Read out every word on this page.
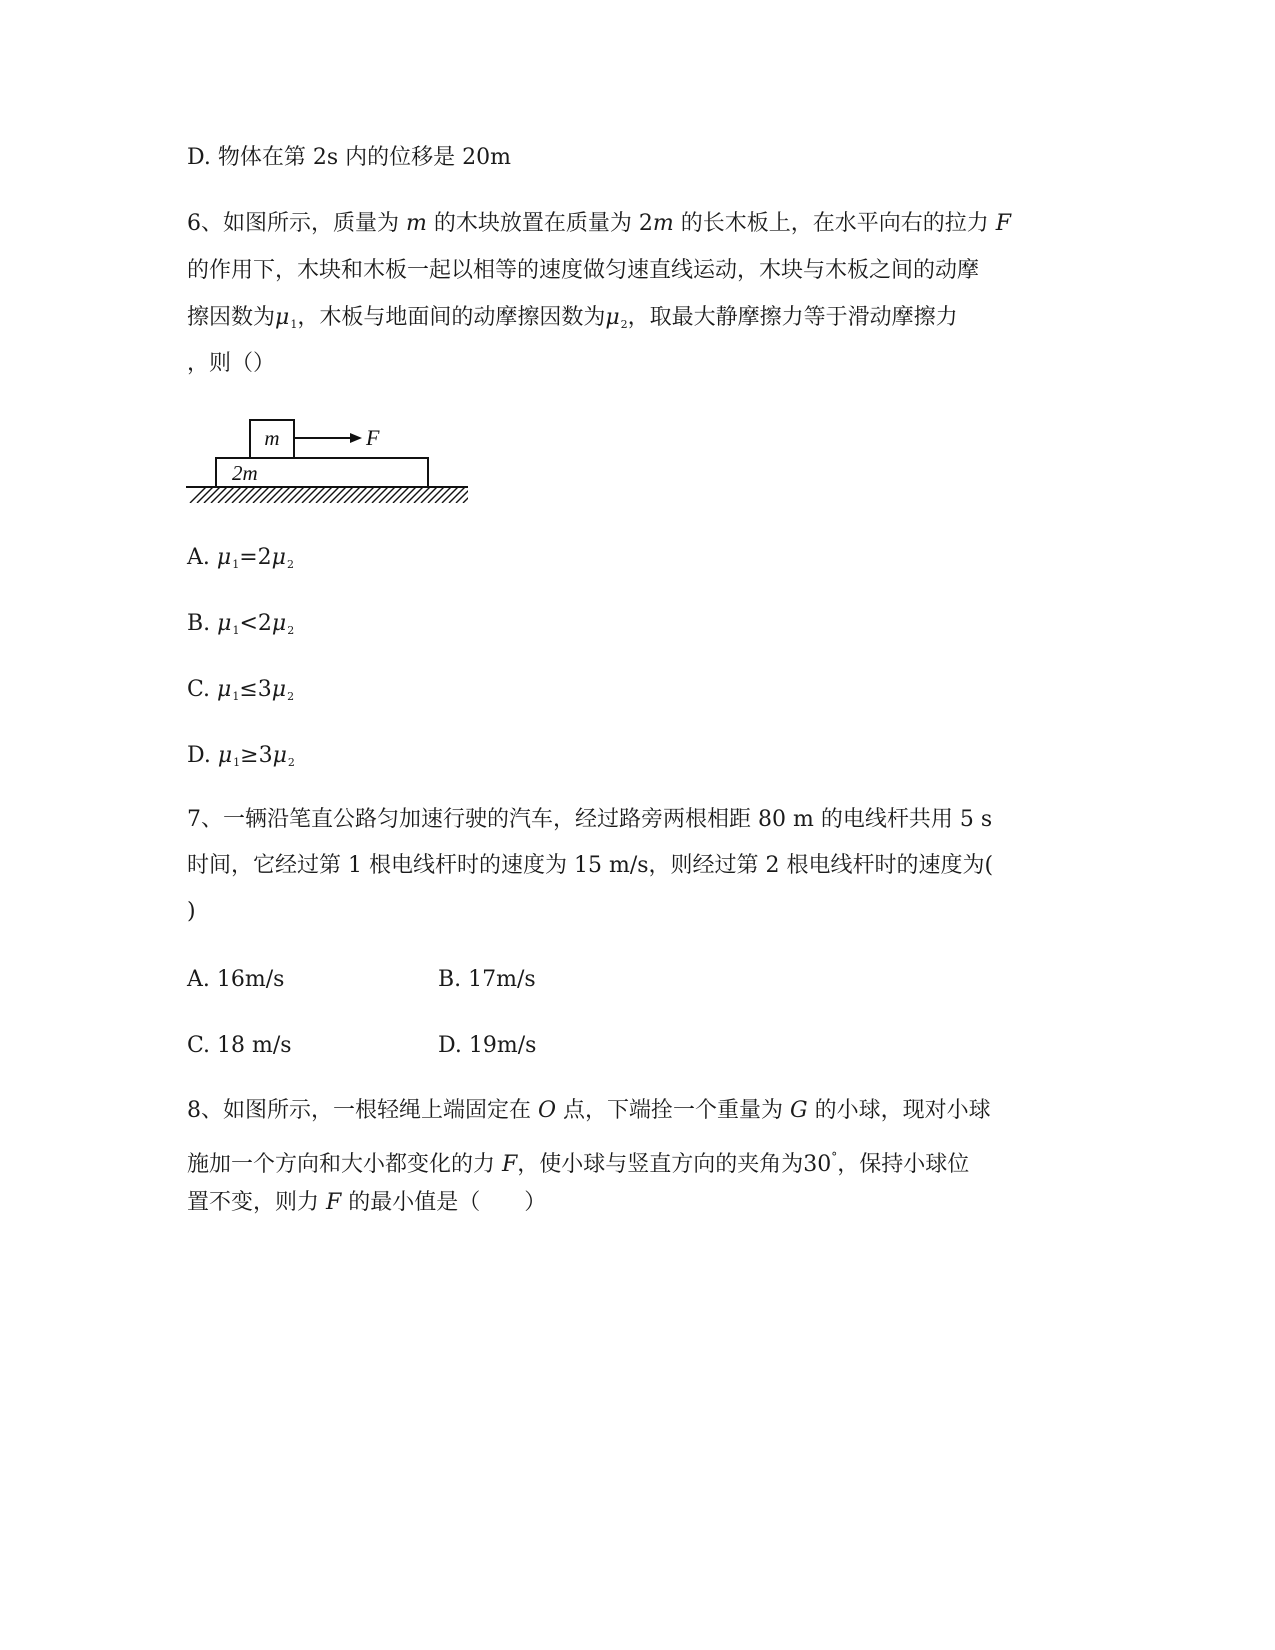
D. 物体在第 2s 内的位移是 20m
6、如图所示，质量为 m 的木块放置在质量为 2m 的长木板上，在水平向右的拉力 F
的作用下，木块和木板一起以相等的速度做匀速直线运动，木块与木板之间的动摩
擦因数为$\mu_1$，木板与地面间的动摩擦因数为$\mu_2$，取最大静摩擦力等于滑动摩擦力
，则（）
m	F
2m
A. $\mu_1=2\mu_2$
B. $\mu_1<2\mu_2$
C. $\mu_1\le 3\mu_2$
D. $\mu_1\ge 3\mu_2$
7、一辆沿笔直公路匀加速行驶的汽车，经过路旁两根相距 80 m 的电线杆共用 5 s
时间，它经过第 1 根电线杆时的速度为 15 m/s，则经过第 2 根电线杆时的速度为(
)
A. 16m/s	B. 17m/s
C. 18 m/s	D. 19m/s
8、如图所示，一根轻绳上端固定在 O 点，下端拴一个重量为 G 的小球，现对小球
施加一个方向和大小都变化的力 F，使小球与竖直方向的夹角为30°，保持小球位
置不变，则力 F 的最小值是（　　）
